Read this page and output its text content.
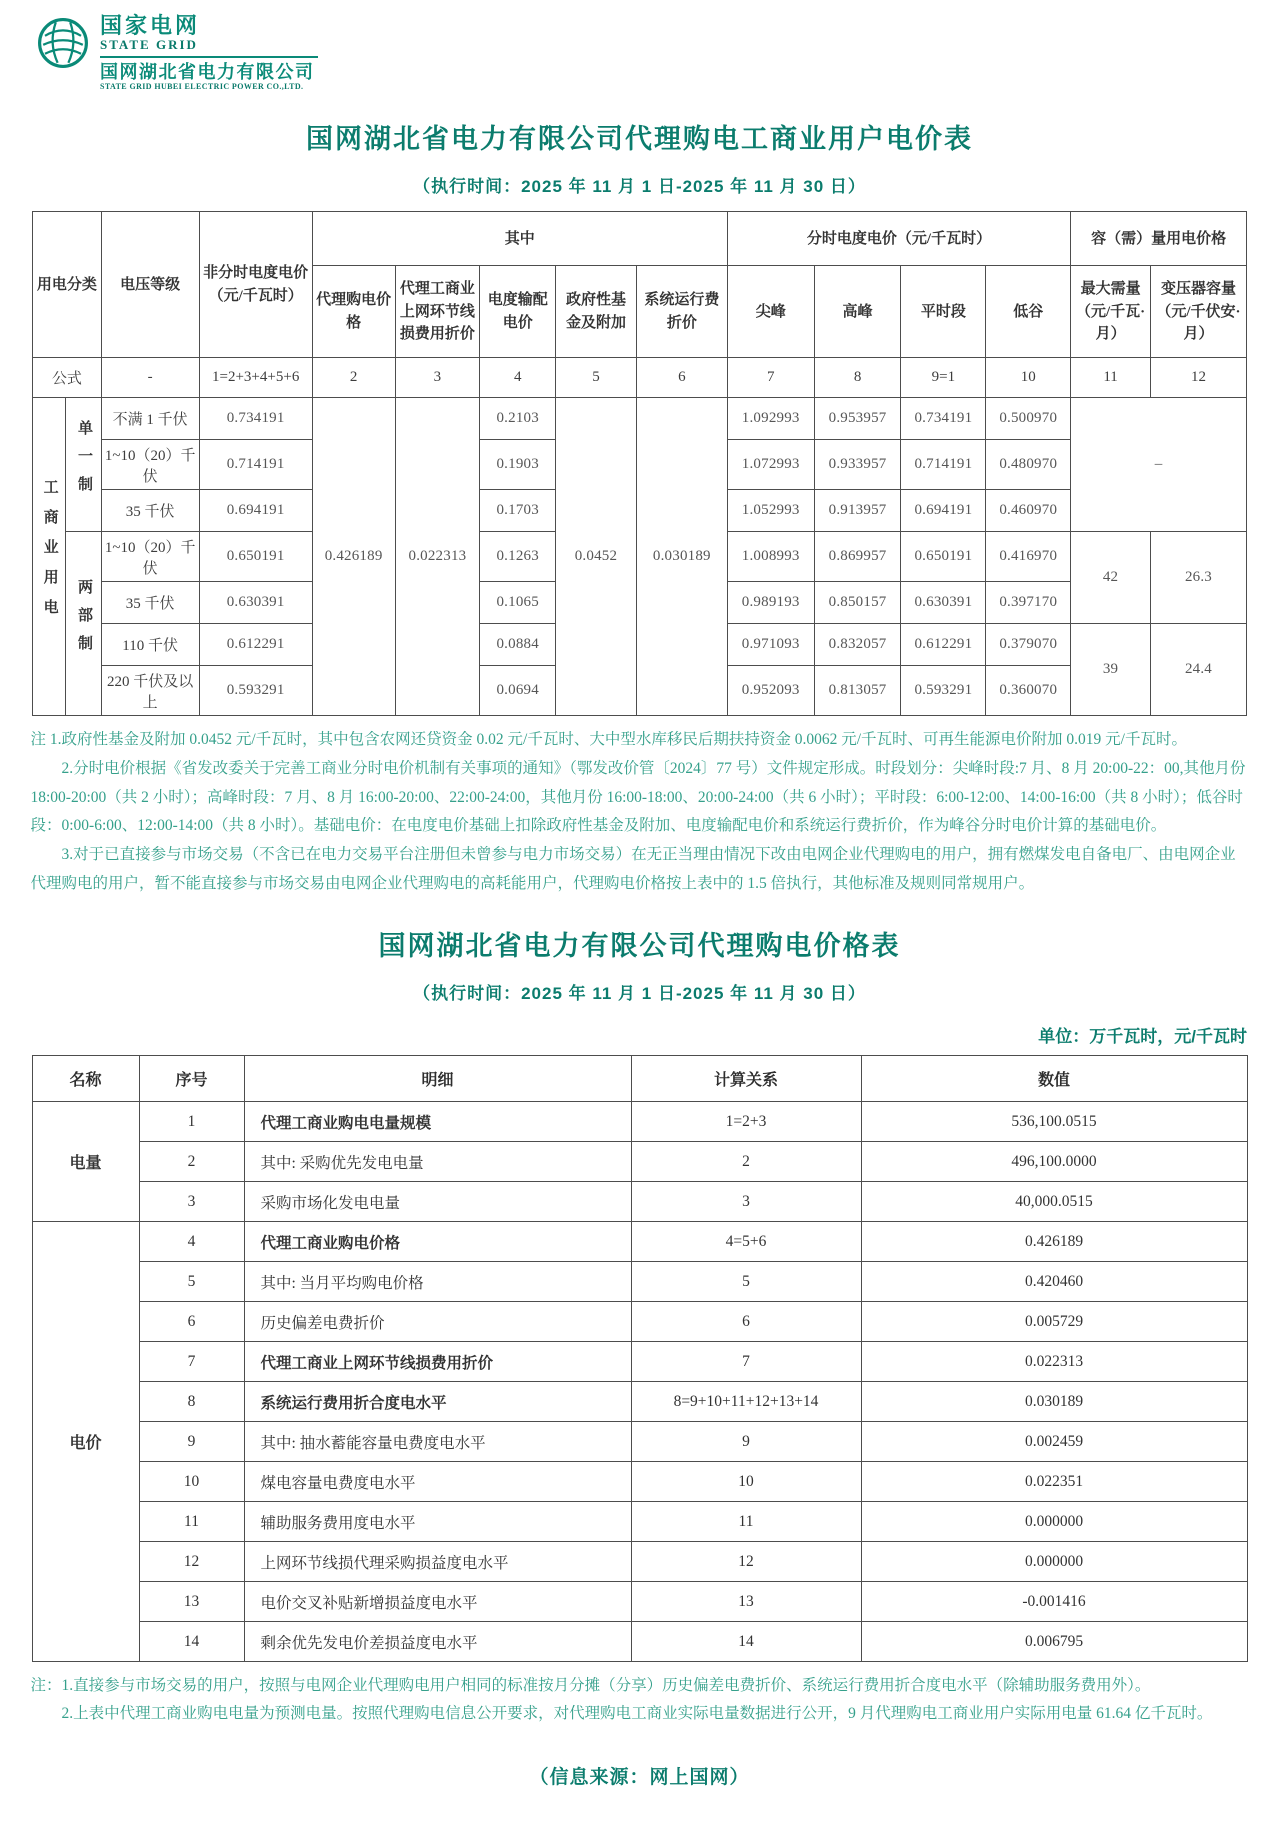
国家电网
STATE GRID
国网湖北省电力有限公司
STATE GRID HUBEI ELECTRIC POWER CO.,LTD.
国网湖北省电力有限公司代理购电工商业用户电价表
（执行时间：2025 年 11 月 1 日-2025 年 11 月 30 日）
用电分类		电压等级	非分时电度电价（元/千瓦时）	其中					分时电度电价（元/千瓦时）				容（需）量用电价格	
				代理购电价格	代理工商业上网环节线损费用折价	电度输配电价	政府性基金及附加	系统运行费折价	尖峰	高峰	平时段	低谷	最大需量（元/千瓦·月）	变压器容量（元/千伏安·月）
公式		-	1=2+3+4+5+6	2	3	4	5	6	7	8	9=1	10	11	12
工商业用电	单一制	不满 1 千伏	0.734191	0.426189	0.022313	0.2103	0.0452	0.030189	1.092993	0.953957	0.734191	0.500970	–	
		1~10（20）千伏	0.714191			0.1903			1.072993	0.933957	0.714191	0.480970		
		35 千伏	0.694191			0.1703			1.052993	0.913957	0.694191	0.460970		
	两部制	1~10（20）千伏	0.650191			0.1263			1.008993	0.869957	0.650191	0.416970	42	26.3
		35 千伏	0.630391			0.1065			0.989193	0.850157	0.630391	0.397170		
		110 千伏	0.612291			0.0884			0.971093	0.832057	0.612291	0.379070	39	24.4
		220 千伏及以上	0.593291			0.0694			0.952093	0.813057	0.593291	0.360070		

注 1.政府性基金及附加 0.0452 元/千瓦时，其中包含农网还贷资金 0.02 元/千瓦时、大中型水库移民后期扶持资金 0.0062 元/千瓦时、可再生能源电价附加 0.019 元/千瓦时。

2.分时电价根据《省发改委关于完善工商业分时电价机制有关事项的通知》（鄂发改价管〔2024〕77 号）文件规定形成。时段划分：尖峰时段:7 月、8 月 20:00-22：00,其他月份 18:00-20:00（共 2 小时）；高峰时段：7 月、8 月 16:00-20:00、22:00-24:00，其他月份 16:00-18:00、20:00-24:00（共 6 小时）；平时段：6:00-12:00、14:00-16:00（共 8 小时）；低谷时段：0:00-6:00、12:00-14:00（共 8 小时）。基础电价：在电度电价基础上扣除政府性基金及附加、电度输配电价和系统运行费折价，作为峰谷分时电价计算的基础电价。

3.对于已直接参与市场交易（不含已在电力交易平台注册但未曾参与电力市场交易）在无正当理由情况下改由电网企业代理购电的用户，拥有燃煤发电自备电厂、由电网企业代理购电的用户，暂不能直接参与市场交易由电网企业代理购电的高耗能用户，代理购电价格按上表中的 1.5 倍执行，其他标准及规则同常规用户。

国网湖北省电力有限公司代理购电价格表
（执行时间：2025 年 11 月 1 日-2025 年 11 月 30 日）
单位：万千瓦时，元/千瓦时
名称	序号	明细	计算关系	数值
电量	1	代理工商业购电电量规模	1=2+3	536,100.0515
	2	其中: 采购优先发电电量	2	496,100.0000
	3	采购市场化发电电量	3	40,000.0515
电价	4	代理工商业购电价格	4=5+6	0.426189
	5	其中: 当月平均购电价格	5	0.420460
	6	历史偏差电费折价	6	0.005729
	7	代理工商业上网环节线损费用折价	7	0.022313
	8	系统运行费用折合度电水平	8=9+10+11+12+13+14	0.030189
	9	其中: 抽水蓄能容量电费度电水平	9	0.002459
	10	煤电容量电费度电水平	10	0.022351
	11	辅助服务费用度电水平	11	0.000000
	12	上网环节线损代理采购损益度电水平	12	0.000000
	13	电价交叉补贴新增损益度电水平	13	-0.001416
	14	剩余优先发电价差损益度电水平	14	0.006795

注：1.直接参与市场交易的用户，按照与电网企业代理购电用户相同的标准按月分摊（分享）历史偏差电费折价、系统运行费用折合度电水平（除辅助服务费用外）。

2.上表中代理工商业购电电量为预测电量。按照代理购电信息公开要求，对代理购电工商业实际电量数据进行公开，9 月代理购电工商业用户实际用电量 61.64 亿千瓦时。

（信息来源：网上国网）
